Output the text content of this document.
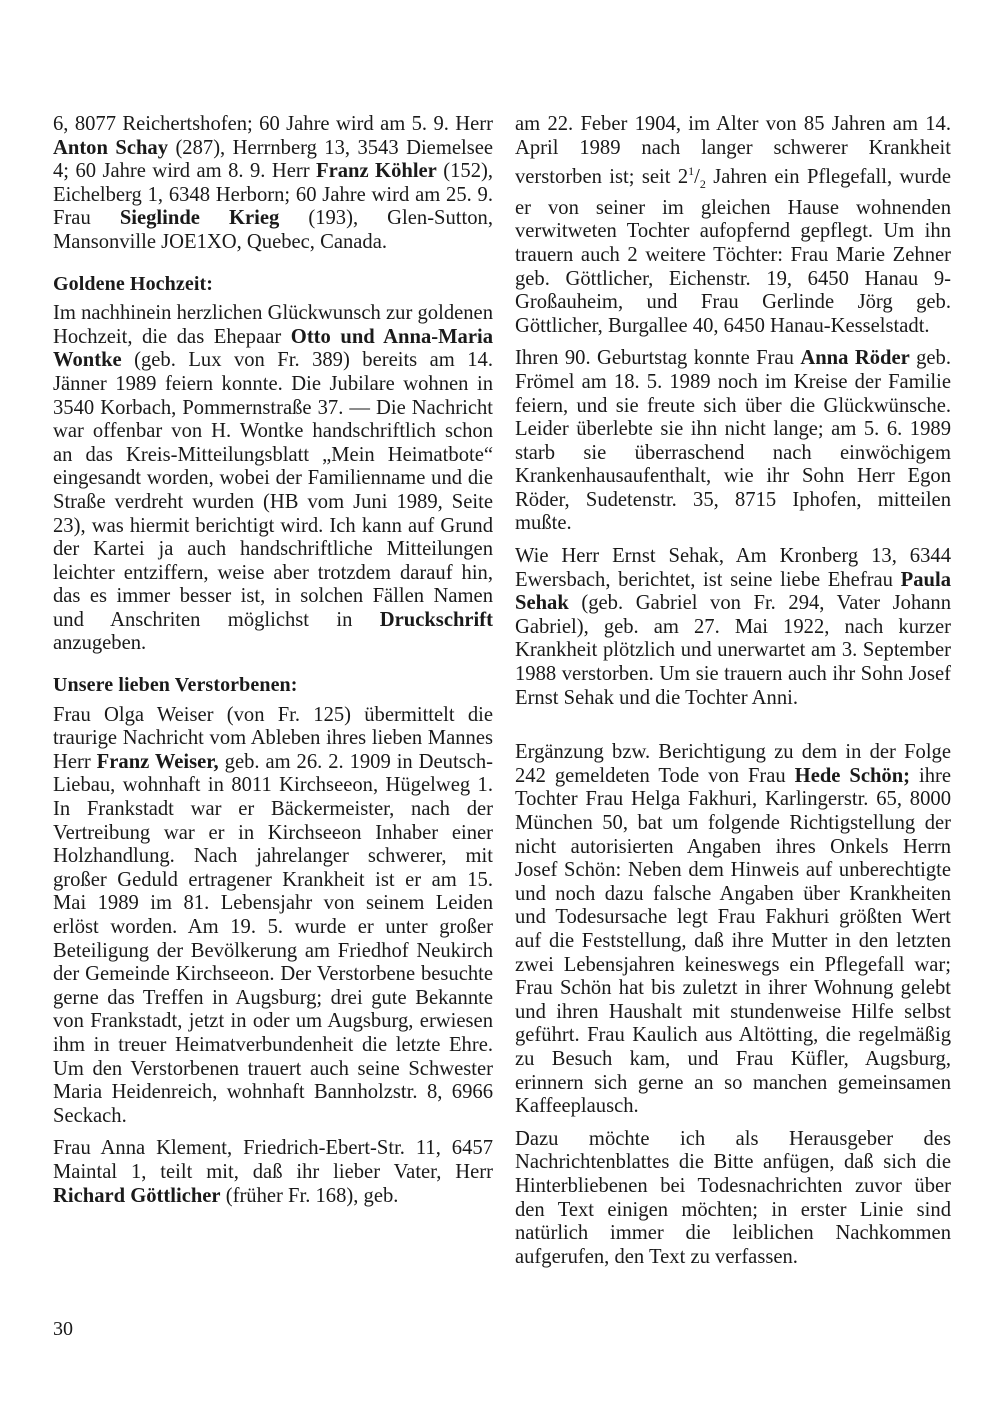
6, 8077 Reichertshofen; 60 Jahre wird am 5. 9. Herr Anton Schay (287), Herrnberg 13, 3543 Diemelsee 4; 60 Jahre wird am 8. 9. Herr Franz Köhler (152), Eichelberg 1, 6348 Herborn; 60 Jahre wird am 25. 9. Frau Sieglinde Krieg (193), Glen-Sutton, Mansonville JOE1XO, Quebec, Canada.

Goldene Hochzeit:

Im nachhinein herzlichen Glückwunsch zur goldenen Hochzeit, die das Ehepaar Otto und Anna-Maria Wontke (geb. Lux von Fr. 389) bereits am 14. Jänner 1989 feiern konnte. Die Jubilare wohnen in 3540 Korbach, Pommernstraße 37. — Die Nachricht war offenbar von H. Wontke handschriftlich schon an das Kreis-Mitteilungsblatt „Mein Heimatbote“ eingesandt worden, wobei der Familienname und die Straße verdreht wurden (HB vom Juni 1989, Seite 23), was hiermit berichtigt wird. Ich kann auf Grund der Kartei ja auch handschriftliche Mitteilungen leichter entziffern, weise aber trotzdem darauf hin, das es immer besser ist, in solchen Fällen Namen und Anschriten möglichst in Druckschrift anzugeben.

Unsere lieben Verstorbenen:

Frau Olga Weiser (von Fr. 125) übermittelt die traurige Nachricht vom Ableben ihres lieben Mannes Herr Franz Weiser, geb. am 26. 2. 1909 in Deutsch-Liebau, wohnhaft in 8011 Kirchseeon, Hügelweg 1. In Frankstadt war er Bäckermeister, nach der Vertreibung war er in Kirchseeon Inhaber einer Holzhandlung. Nach jahrelanger schwerer, mit großer Geduld ertragener Krankheit ist er am 15. Mai 1989 im 81. Lebensjahr von seinem Leiden erlöst worden. Am 19. 5. wurde er unter großer Beteiligung der Bevölkerung am Friedhof Neukirch der Gemeinde Kirchseeon. Der Verstorbene besuchte gerne das Treffen in Augsburg; drei gute Bekannte von Frankstadt, jetzt in oder um Augsburg, erwiesen ihm in treuer Heimatverbundenheit die letzte Ehre. Um den Verstorbenen trauert auch seine Schwester Maria Heidenreich, wohnhaft Bannholzstr. 8, 6966 Seckach.

Frau Anna Klement, Friedrich-Ebert-Str. 11, 6457 Maintal 1, teilt mit, daß ihr lieber Vater, Herr Richard Göttlicher (früher Fr. 168), geb.

am 22. Feber 1904, im Alter von 85 Jahren am 14. April 1989 nach langer schwerer Krankheit verstorben ist; seit $2^1/_2$ Jahren ein Pflegefall, wurde er von seiner im gleichen Hause wohnenden verwitweten Tochter aufopfernd gepflegt. Um ihn trauern auch 2 weitere Töchter: Frau Marie Zehner geb. Göttlicher, Eichenstr. 19, 6450 Hanau 9-Großauheim, und Frau Gerlinde Jörg geb. Göttlicher, Burgallee 40, 6450 Hanau-Kesselstadt.

Ihren 90. Geburtstag konnte Frau Anna Röder geb. Frömel am 18. 5. 1989 noch im Kreise der Familie feiern, und sie freute sich über die Glückwünsche. Leider überlebte sie ihn nicht lange; am 5. 6. 1989 starb sie überraschend nach einwöchigem Krankenhausaufenthalt, wie ihr Sohn Herr Egon Röder, Sudetenstr. 35, 8715 Iphofen, mitteilen mußte.

Wie Herr Ernst Sehak, Am Kronberg 13, 6344 Ewersbach, berichtet, ist seine liebe Ehefrau Paula Sehak (geb. Gabriel von Fr. 294, Vater Johann Gabriel), geb. am 27. Mai 1922, nach kurzer Krankheit plötzlich und unerwartet am 3. September 1988 verstorben. Um sie trauern auch ihr Sohn Josef Ernst Sehak und die Tochter Anni.

Ergänzung bzw. Berichtigung zu dem in der Folge 242 gemeldeten Tode von Frau Hede Schön; ihre Tochter Frau Helga Fakhuri, Karlingerstr. 65, 8000 München 50, bat um folgende Richtigstellung der nicht autorisierten Angaben ihres Onkels Herrn Josef Schön: Neben dem Hinweis auf unberechtigte und noch dazu falsche Angaben über Krankheiten und Todesursache legt Frau Fakhuri größten Wert auf die Feststellung, daß ihre Mutter in den letzten zwei Lebensjahren keineswegs ein Pflegefall war; Frau Schön hat bis zuletzt in ihrer Wohnung gelebt und ihren Haushalt mit stundenweise Hilfe selbst geführt. Frau Kaulich aus Altötting, die regelmäßig zu Besuch kam, und Frau Küfler, Augsburg, erinnern sich gerne an so manchen gemeinsamen Kaffeeplausch.

Dazu möchte ich als Herausgeber des Nachrichtenblattes die Bitte anfügen, daß sich die Hinterbliebenen bei Todesnachrichten zuvor über den Text einigen möchten; in erster Linie sind natürlich immer die leiblichen Nachkommen aufgerufen, den Text zu verfassen.

30
